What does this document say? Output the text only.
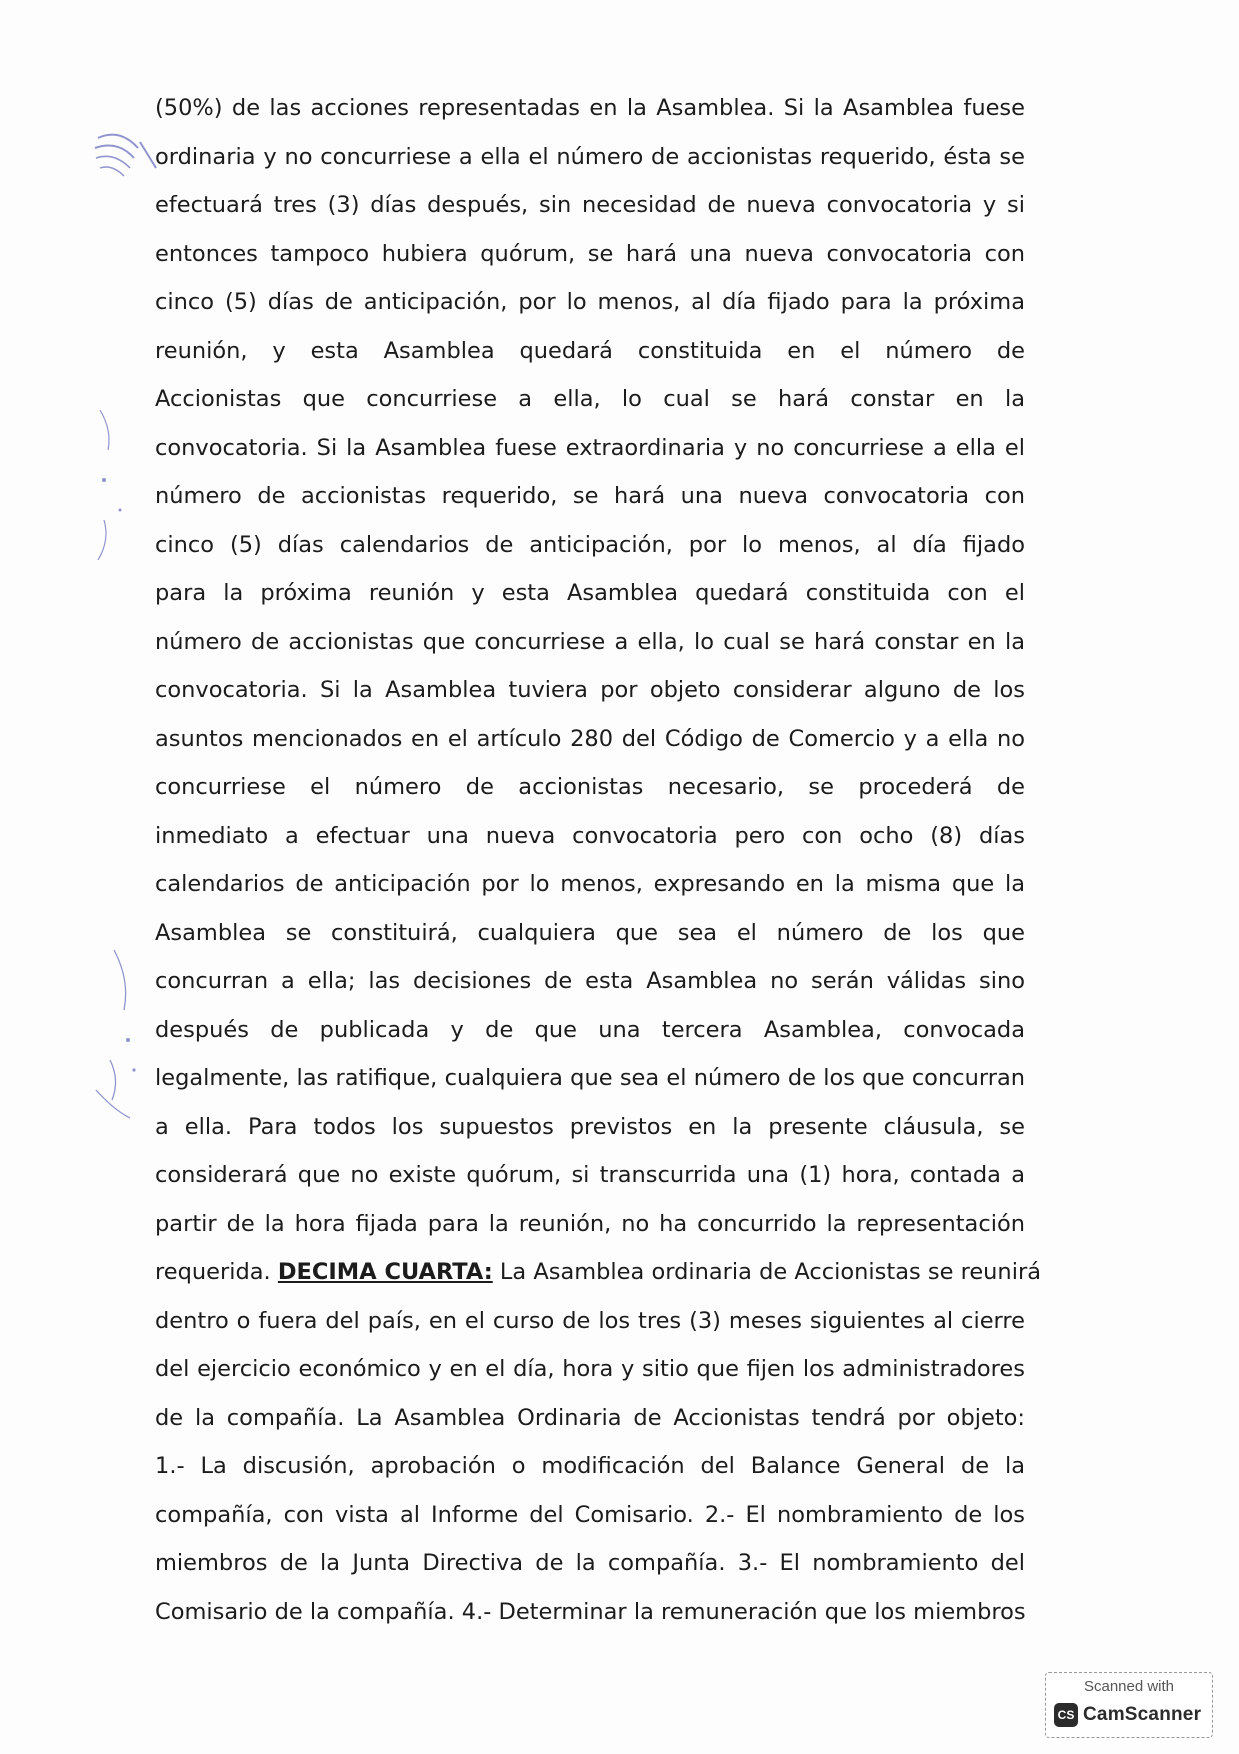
(50%) de las acciones representadas en la Asamblea. Si la Asamblea fuese
ordinaria y no concurriese a ella el número de accionistas requerido, ésta se
efectuará tres (3) días después, sin necesidad de nueva convocatoria y si
entonces tampoco hubiera quórum, se hará una nueva convocatoria con
cinco (5) días de anticipación, por lo menos, al día fijado para la próxima
reunión, y esta Asamblea quedará constituida en el número de
Accionistas que concurriese a ella, lo cual se hará constar en la
convocatoria. Si la Asamblea fuese extraordinaria y no concurriese a ella el
número de accionistas requerido, se hará una nueva convocatoria con
cinco (5) días calendarios de anticipación, por lo menos, al día fijado
para la próxima reunión y esta Asamblea quedará constituida con el
número de accionistas que concurriese a ella, lo cual se hará constar en la
convocatoria. Si la Asamblea tuviera por objeto considerar alguno de los
asuntos mencionados en el artículo 280 del Código de Comercio y a ella no
concurriese el número de accionistas necesario, se procederá de
inmediato a efectuar una nueva convocatoria pero con ocho (8) días
calendarios de anticipación por lo menos, expresando en la misma que la
Asamblea se constituirá, cualquiera que sea el número de los que
concurran a ella; las decisiones de esta Asamblea no serán válidas sino
después de publicada y de que una tercera Asamblea, convocada
legalmente, las ratifique, cualquiera que sea el número de los que concurran
a ella. Para todos los supuestos previstos en la presente cláusula, se
considerará que no existe quórum, si transcurrida una (1) hora, contada a
partir de la hora fijada para la reunión, no ha concurrido la representación
requerida. DECIMA CUARTA: La Asamblea ordinaria de Accionistas se reunirá
dentro o fuera del país, en el curso de los tres (3) meses siguientes al cierre
del ejercicio económico y en el día, hora y sitio que fijen los administradores
de la compañía. La Asamblea Ordinaria de Accionistas tendrá por objeto:
1.- La discusión, aprobación o modificación del Balance General de la
compañía, con vista al Informe del Comisario. 2.- El nombramiento de los
miembros de la Junta Directiva de la compañía. 3.- El nombramiento del
Comisario de la compañía. 4.- Determinar la remuneración que los miembros
Scanned with
CS CamScanner
